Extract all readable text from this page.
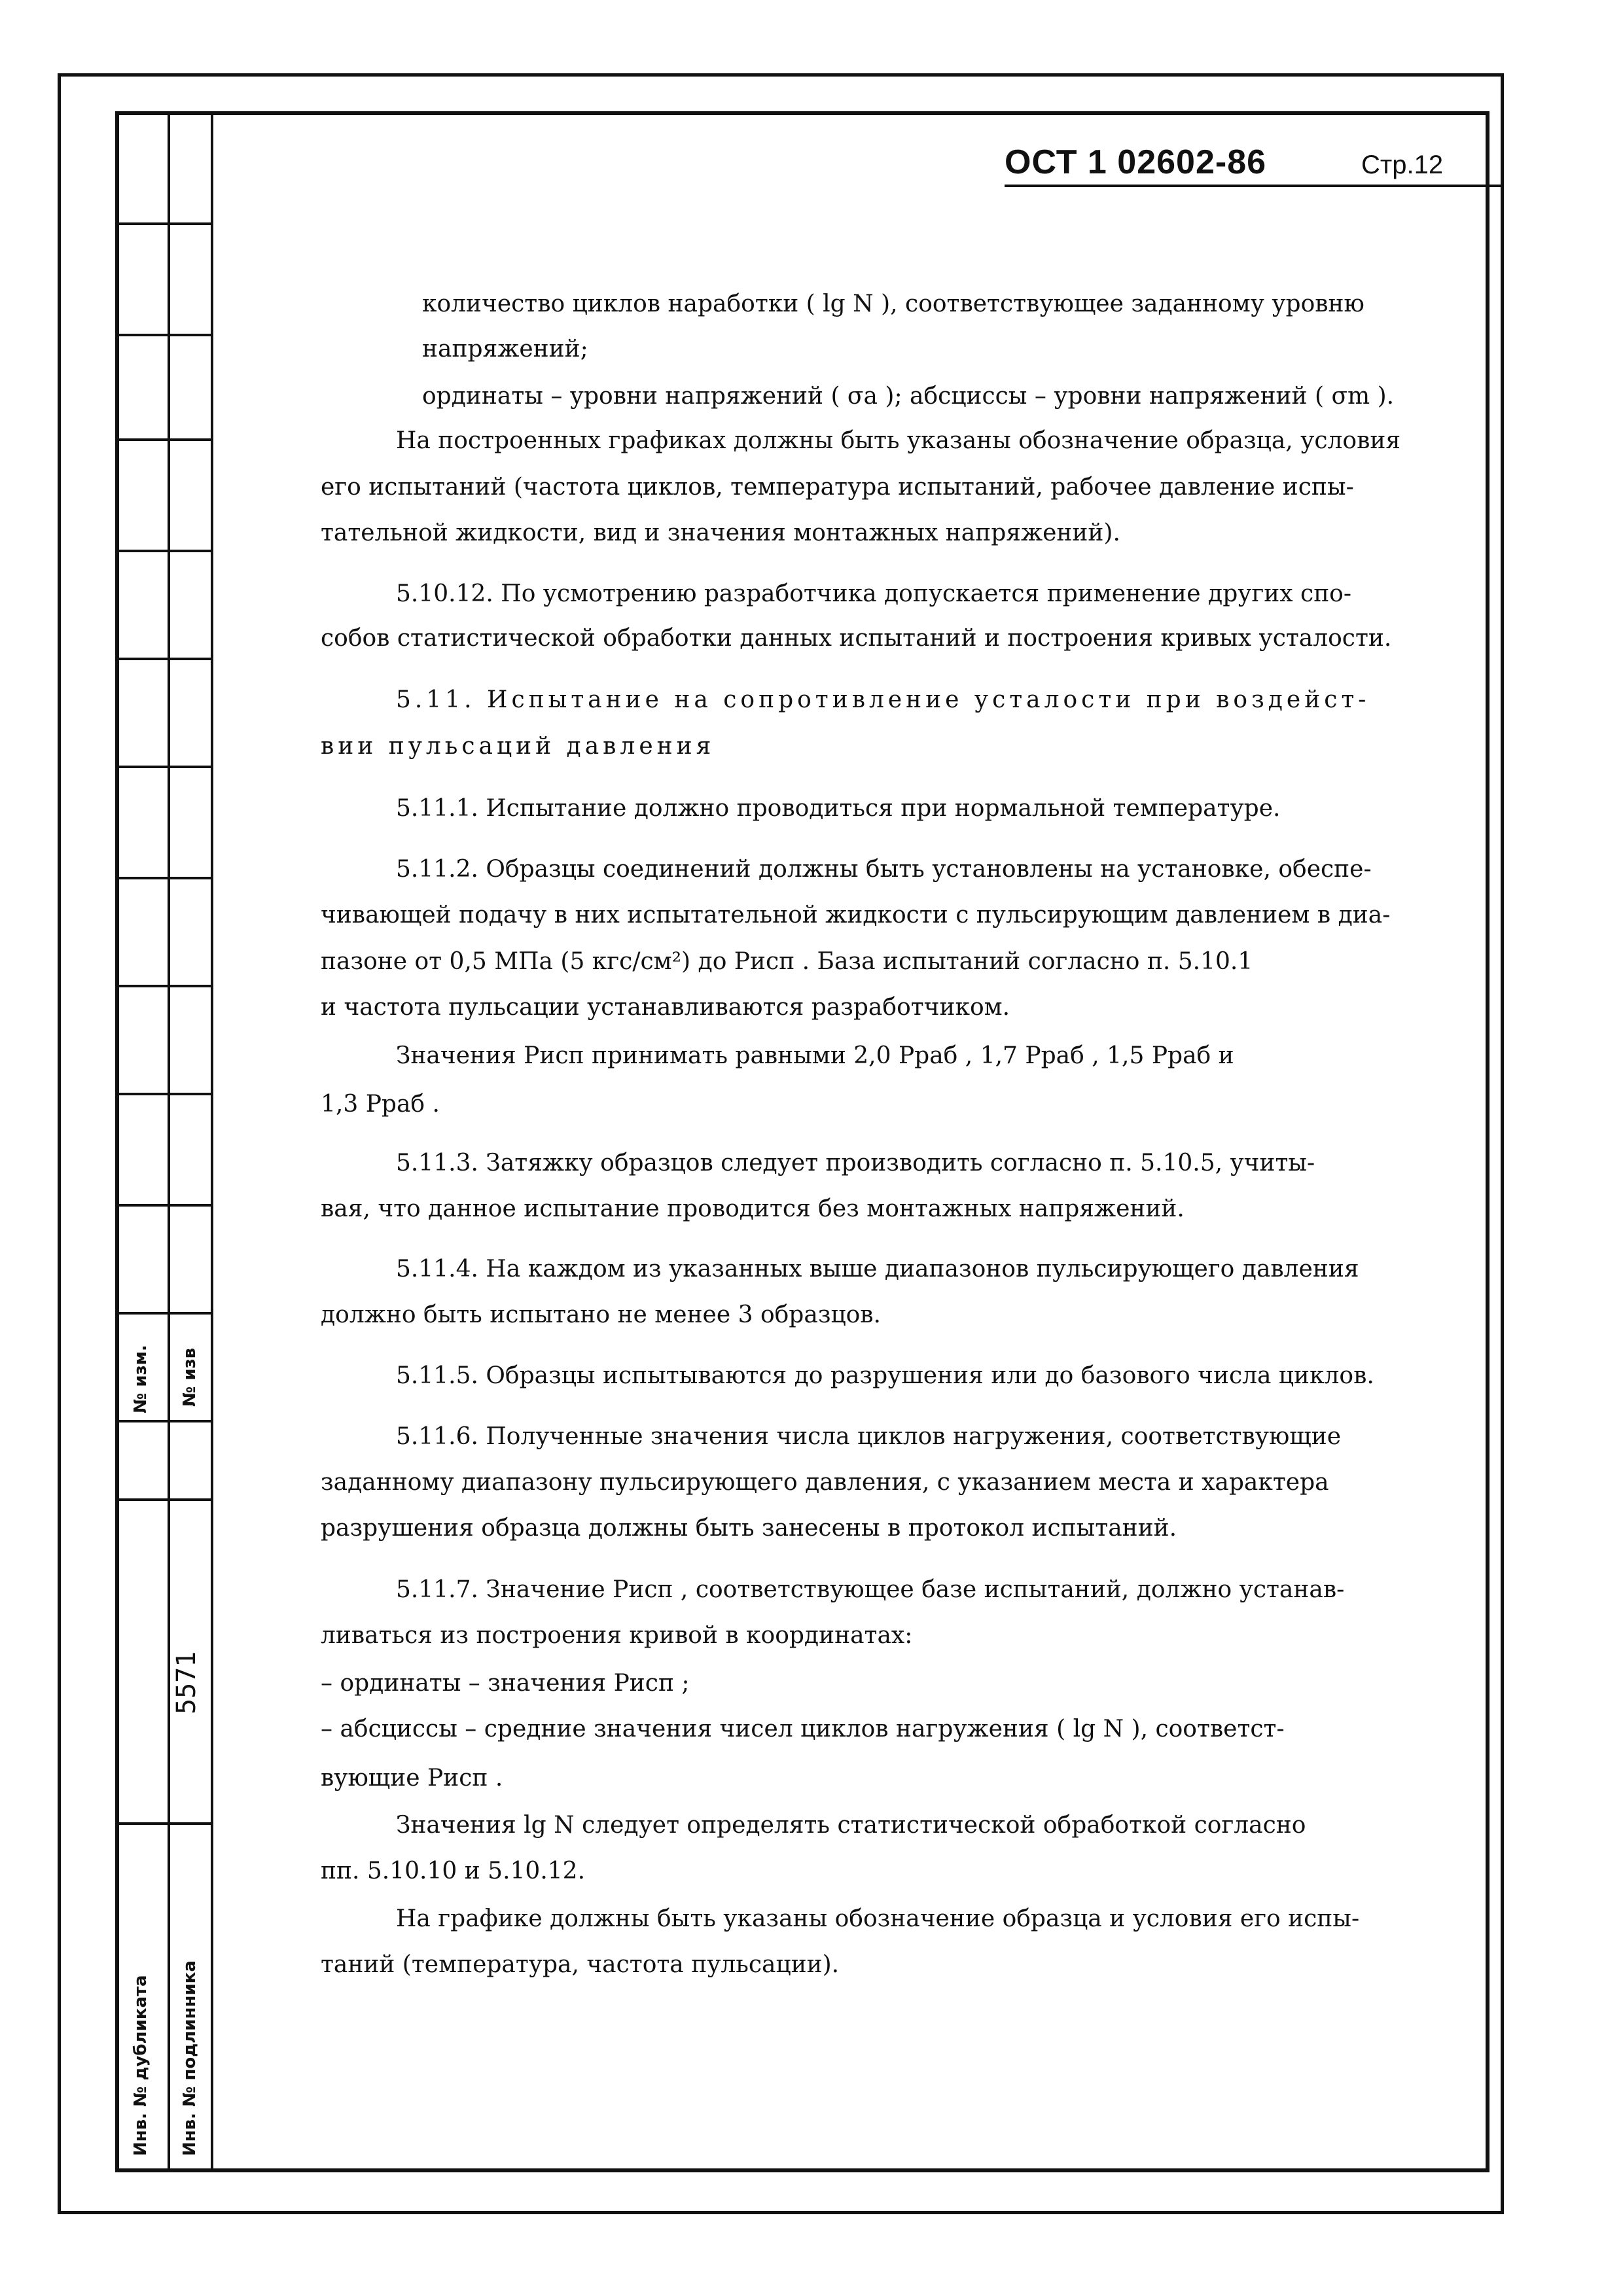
№ изм. № изв
5571
Инв. № дубликата Инв. № подлинника
ОСТ 1 02602-86	Стр.12
количество циклов наработки ( lg N ), соответствующее заданному уровню
напряжений;
ординаты – уровни напряжений ( σa ); абсциссы – уровни напряжений ( σm ).
На построенных графиках должны быть указаны обозначение образца, условия
его испытаний (частота циклов, температура испытаний, рабочее давление испы-
тательной жидкости, вид и значения монтажных напряжений).
5.10.12. По усмотрению разработчика допускается применение других спо-
собов статистической обработки данных испытаний и построения кривых усталости.
5.11. Испытание на сопротивление усталости при воздейст-
вии пульсаций давления
5.11.1. Испытание должно проводиться при нормальной температуре.
5.11.2. Образцы соединений должны быть установлены на установке, обеспе-
чивающей подачу в них испытательной жидкости с пульсирующим давлением в диа-
пазоне от 0,5 МПа (5 кгс/см²) до Pисп . База испытаний согласно п. 5.10.1
и частота пульсации устанавливаются разработчиком.
Значения Pисп принимать равными 2,0 Pраб , 1,7 Pраб , 1,5 Pраб и
1,3 Pраб .
5.11.3. Затяжку образцов следует производить согласно п. 5.10.5, учиты-
вая, что данное испытание проводится без монтажных напряжений.
5.11.4. На каждом из указанных выше диапазонов пульсирующего давления
должно быть испытано не менее 3 образцов.
5.11.5. Образцы испытываются до разрушения или до базового числа циклов.
5.11.6. Полученные значения числа циклов нагружения, соответствующие
заданному диапазону пульсирующего давления, с указанием места и характера
разрушения образца должны быть занесены в протокол испытаний.
5.11.7. Значение Pисп , соответствующее базе испытаний, должно устанав-
ливаться из построения кривой в координатах:
– ординаты – значения Pисп ;
– абсциссы – средние значения чисел циклов нагружения ( lg N ), соответст-
вующие Pисп .
Значения lg N следует определять статистической обработкой согласно
пп. 5.10.10 и 5.10.12.
На графике должны быть указаны обозначение образца и условия его испы-
таний (температура, частота пульсации).
